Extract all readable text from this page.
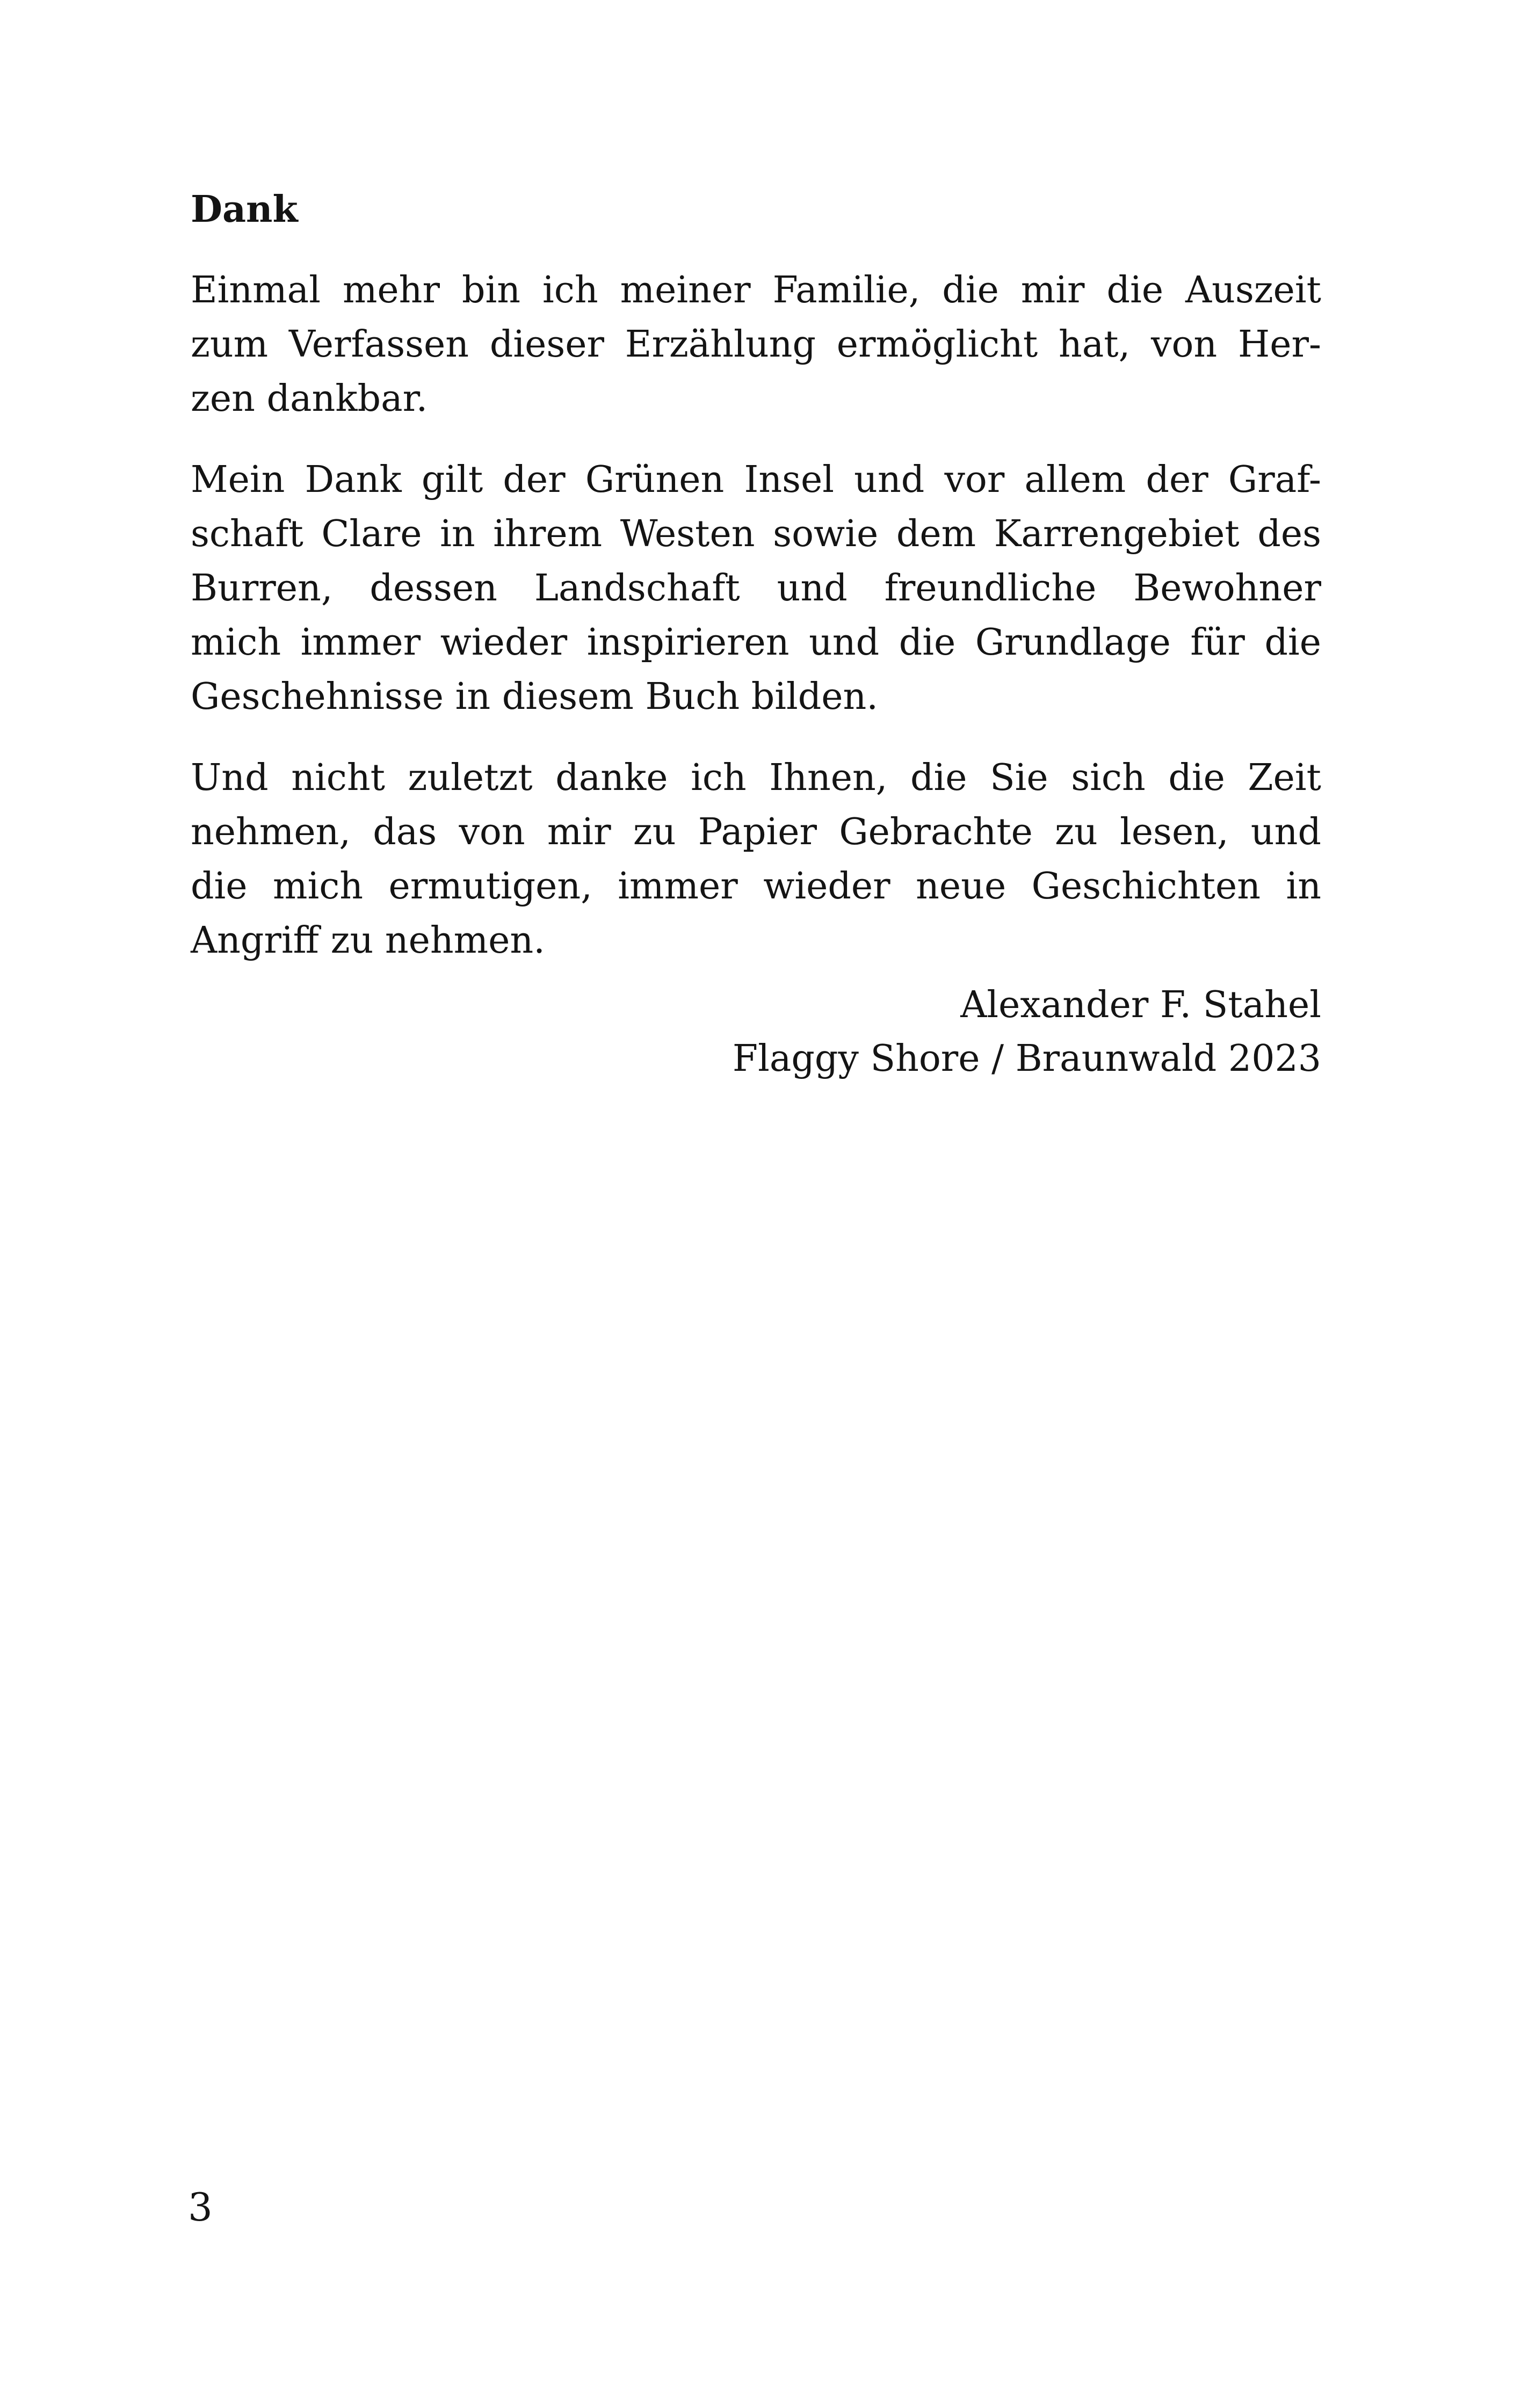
Dank
Einmal mehr bin ich meiner Familie, die mir die Auszeit
zum Verfassen dieser Erzählung ermöglicht hat, von Her-
zen dankbar.
Mein Dank gilt der Grünen Insel und vor allem der Graf-
schaft Clare in ihrem Westen sowie dem Karrengebiet des
Burren, dessen Landschaft und freundliche Bewohner
mich immer wieder inspirieren und die Grundlage für die
Geschehnisse in diesem Buch bilden.
Und nicht zuletzt danke ich Ihnen, die Sie sich die Zeit
nehmen, das von mir zu Papier Gebrachte zu lesen, und
die mich ermutigen, immer wieder neue Geschichten in
Angriff zu nehmen.
Alexander F. Stahel
Flaggy Shore / Braunwald 2023
3
